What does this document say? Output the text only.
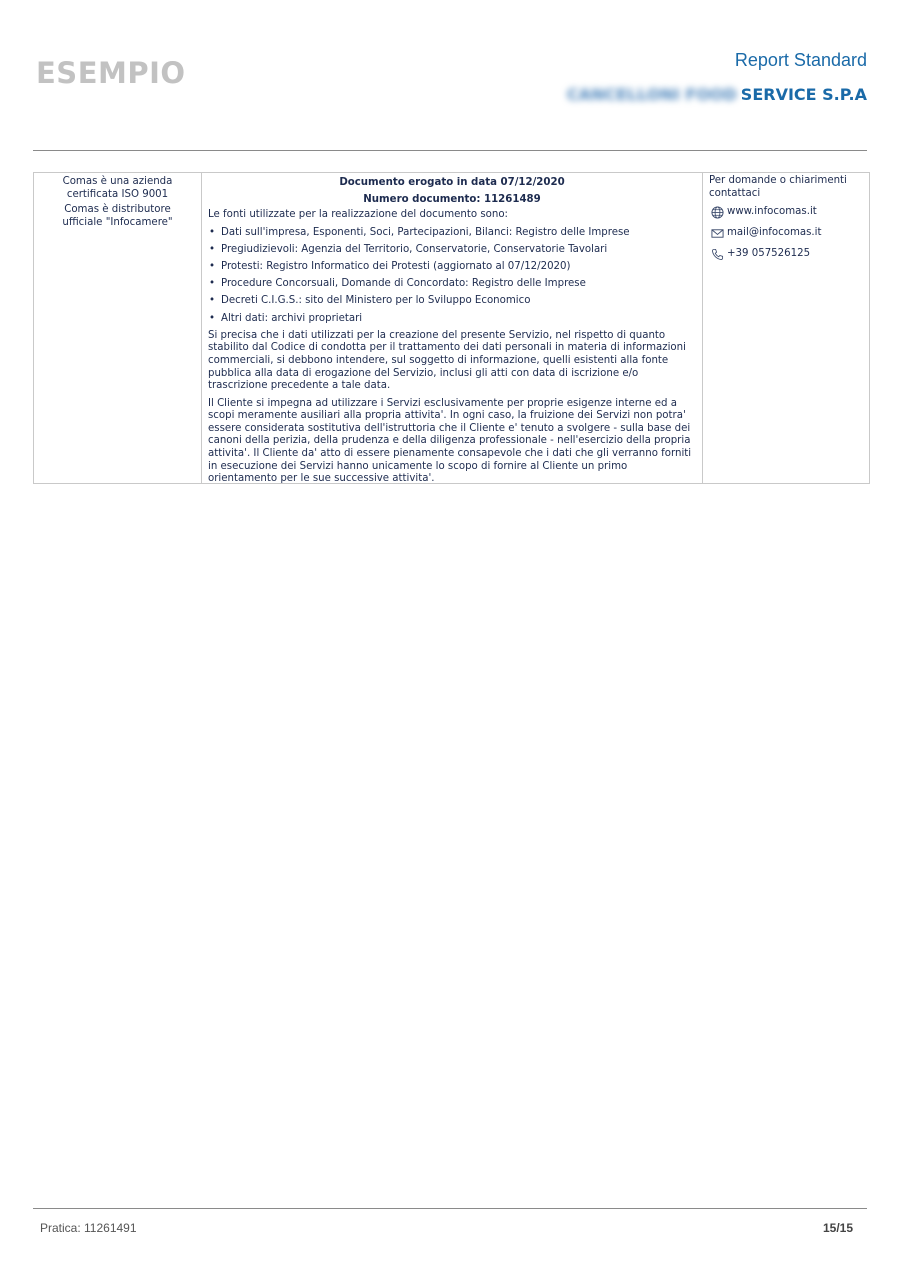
ESEMPIO	Report Standard
CANCELLONI FOOD SERVICE S.P.A

Comas è una azienda certificata ISO 9001

Comas è distributore ufficiale "Infocamere"

Documento erogato in data 07/12/2020

Numero documento: 11261489

Le fonti utilizzate per la realizzazione del documento sono:

• Dati sull'impresa, Esponenti, Soci, Partecipazioni, Bilanci: Registro delle Imprese
• Pregiudizievoli: Agenzia del Territorio, Conservatorie, Conservatorie Tavolari
• Protesti: Registro Informatico dei Protesti (aggiornato al 07/12/2020)
• Procedure Concorsuali, Domande di Concordato: Registro delle Imprese
• Decreti C.I.G.S.: sito del Ministero per lo Sviluppo Economico
• Altri dati: archivi proprietari

Si precisa che i dati utilizzati per la creazione del presente Servizio, nel rispetto di quanto stabilito dal Codice di condotta per il trattamento dei dati personali in materia di informazioni commerciali, si debbono intendere, sul soggetto di informazione, quelli esistenti alla fonte pubblica alla data di erogazione del Servizio, inclusi gli atti con data di iscrizione e/o trascrizione precedente a tale data.

Il Cliente si impegna ad utilizzare i Servizi esclusivamente per proprie esigenze interne ed a scopi meramente ausiliari alla propria attivita'. In ogni caso, la fruizione dei Servizi non potra' essere considerata sostitutiva dell'istruttoria che il Cliente e' tenuto a svolgere - sulla base dei canoni della perizia, della prudenza e della diligenza professionale - nell'esercizio della propria attivita'. Il Cliente da' atto di essere pienamente consapevole che i dati che gli verranno forniti in esecuzione dei Servizi hanno unicamente lo scopo di fornire al Cliente un primo orientamento per le sue successive attivita'.

Per domande o chiarimenti contattaci

www.infocomas.it
mail@infocomas.it
+39 057526125
Pratica: 11261491	15/15
